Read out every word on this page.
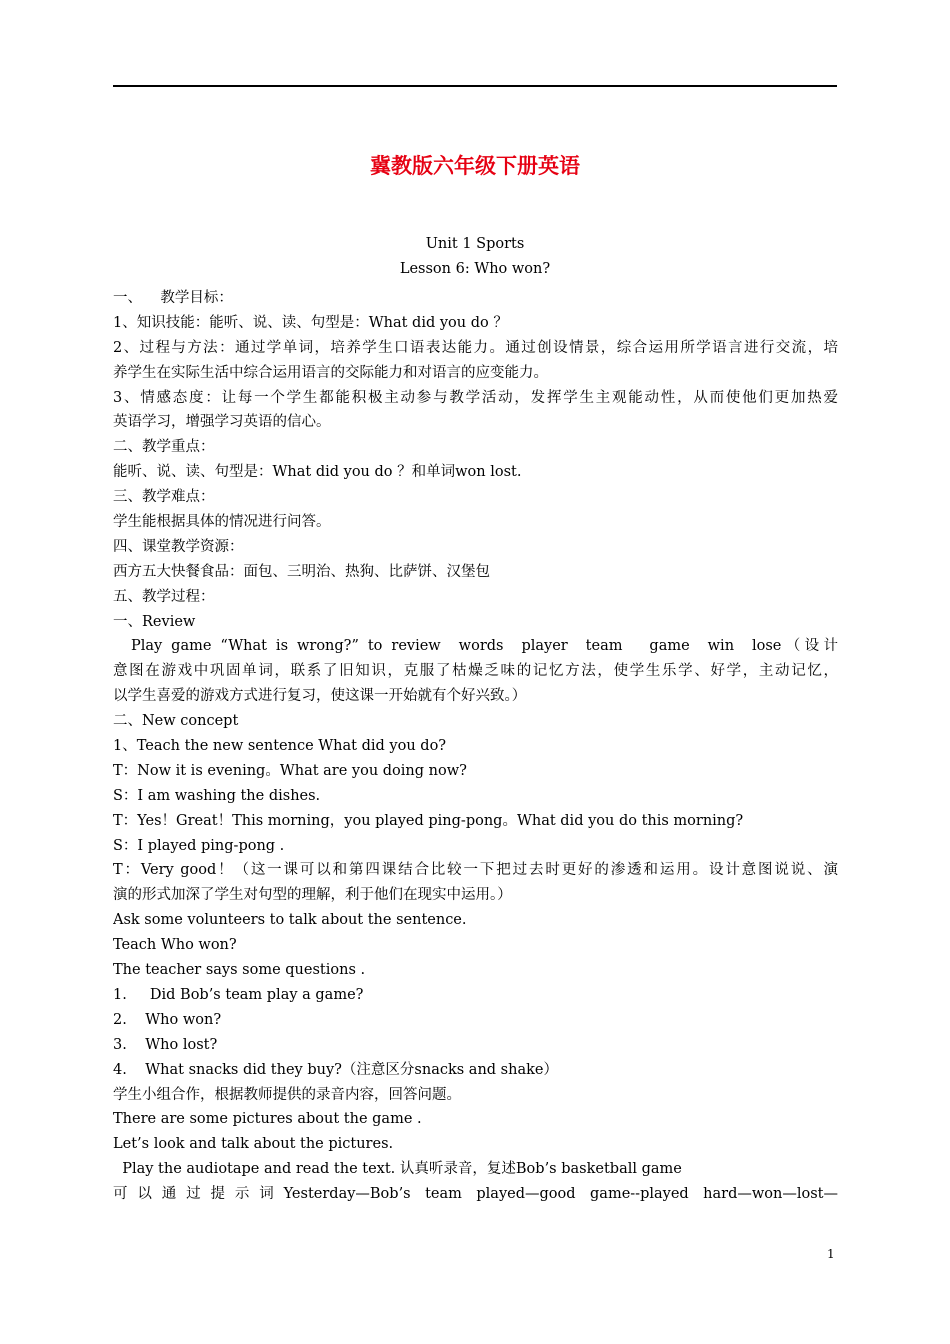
冀教版六年级下册英语
Unit 1 Sports
Lesson 6: Who won?
一、    教学目标：
1、知识技能：能听、说、读、句型是：What did you do ？
2、过程与方法：通过学单词，培养学生口语表达能力。通过创设情景，综合运用所学语言进行交流，培
养学生在实际生活中综合运用语言的交际能力和对语言的应变能力。
3、情感态度：让每一个学生都能积极主动参与教学活动，发挥学生主观能动性，从而使他们更加热爱
英语学习，增强学习英语的信心。
二、教学重点：
能听、说、读、句型是：What did you do ？和单词won lost.
三、教学难点：
学生能根据具体的情况进行问答。
四、课堂教学资源：
西方五大快餐食品：面包、三明治、热狗、比萨饼、汉堡包
五、教学过程：
一、Review
Play game “What is wrong?” to review  words  player  team   game  win  lose（设计
意图在游戏中巩固单词，联系了旧知识，克服了枯燥乏味的记忆方法，使学生乐学、好学，主动记忆，
以学生喜爱的游戏方式进行复习，使这课一开始就有个好兴致。）
二、New concept
1、Teach the new sentence What did you do?
T：Now it is evening。What are you doing now?
S：I am washing the dishes.
T：Yes！Great！This morning，you played ping-pong。What did you do this morning?
S：I played ping-pong .
T：Very good！（这一课可以和第四课结合比较一下把过去时更好的渗透和运用。设计意图说说、演
演的形式加深了学生对句型的理解，利于他们在现实中运用。）
Ask some volunteers to talk about the sentence.
Teach Who won?
The teacher says some questions .
1.     Did Bob’s team play a game?
2.    Who won?
3.    Who lost?
4.    What snacks did they buy?（注意区分snacks and shake）
学生小组合作，根据教师提供的录音内容，回答问题。
There are some pictures about the game .
Let’s look and talk about the pictures.
Play the audiotape and read the text. 认真听录音，复述Bob’s basketball game
可以通过提示词Yesterday—Bob’s team played—good game--played hard—won—lost—
1
